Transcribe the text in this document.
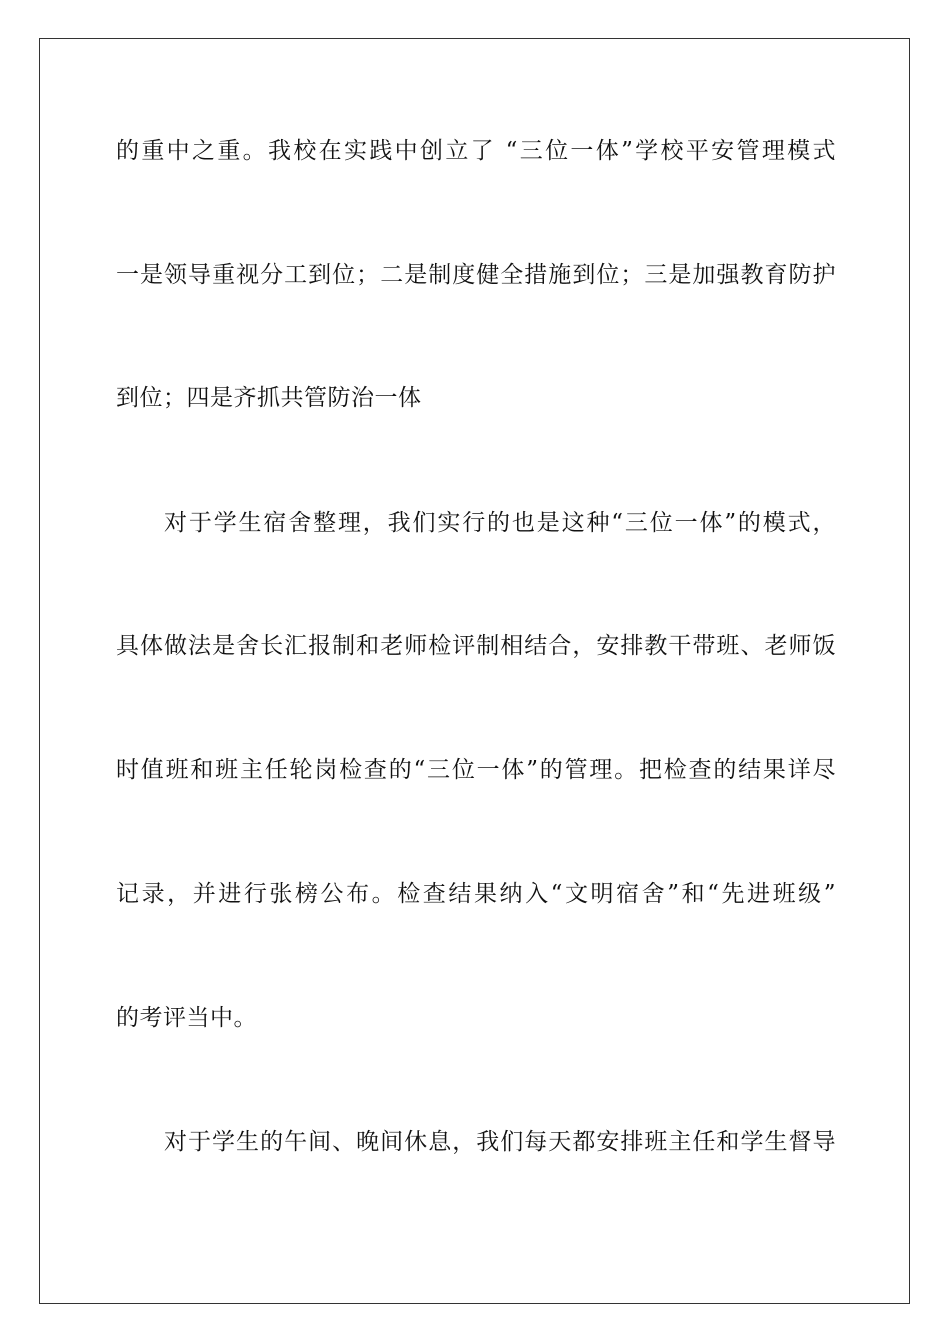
的重中之重。我校在实践中创立了 “三位一体”学校平安管理模式
一是领导重视分工到位；二是制度健全措施到位；三是加强教育防护
到位；四是齐抓共管防治一体
对于学生宿舍整理，我们实行的也是这种“三位一体”的模式，
具体做法是舍长汇报制和老师检评制相结合，安排教干带班、老师饭
时值班和班主任轮岗检查的“三位一体”的管理。把检查的结果详尽
记录，并进行张榜公布。检查结果纳入“文明宿舍”和“先进班级”
的考评当中。
对于学生的午间、晚间休息，我们每天都安排班主任和学生督导
